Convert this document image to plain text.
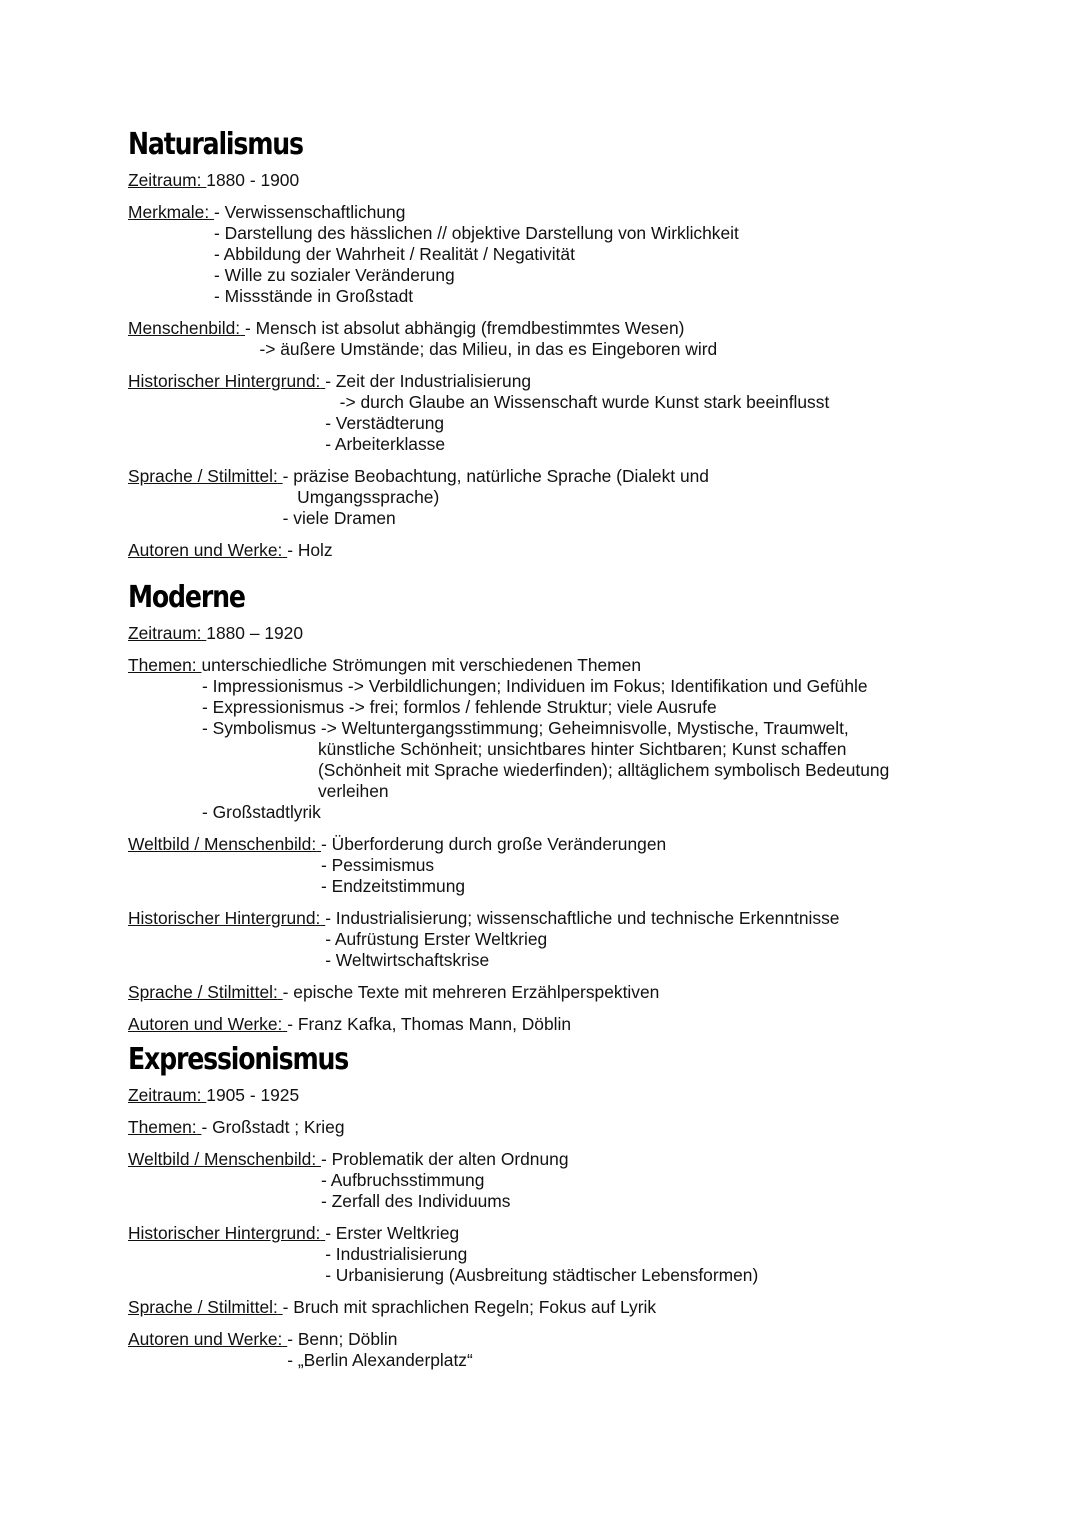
Naturalismus
Zeitraum: 1880 - 1900
Merkmale: - Verwissenschaftlichung
- Darstellung des hässlichen // objektive Darstellung von Wirklichkeit
- Abbildung der Wahrheit / Realität / Negativität
- Wille zu sozialer Veränderung
- Missstände in Großstadt
Menschenbild: - Mensch ist absolut abhängig (fremdbestimmtes Wesen)
-> äußere Umstände; das Milieu, in das es Eingeboren wird
Historischer Hintergrund: - Zeit der Industrialisierung
-> durch Glaube an Wissenschaft wurde Kunst stark beeinflusst
- Verstädterung
- Arbeiterklasse
Sprache / Stilmittel: - präzise Beobachtung, natürliche Sprache (Dialekt und
Umgangssprache)
- viele Dramen
Autoren und Werke: - Holz
Moderne
Zeitraum: 1880 – 1920
Themen: unterschiedliche Strömungen mit verschiedenen Themen
- Impressionismus -> Verbildlichungen; Individuen im Fokus; Identifikation und Gefühle
- Expressionismus -> frei; formlos / fehlende Struktur; viele Ausrufe
- Symbolismus -> Weltuntergangsstimmung; Geheimnisvolle, Mystische, Traumwelt,
künstliche Schönheit; unsichtbares hinter Sichtbaren; Kunst schaffen
(Schönheit mit Sprache wiederfinden); alltäglichem symbolisch Bedeutung
verleihen
- Großstadtlyrik
Weltbild / Menschenbild: - Überforderung durch große Veränderungen
- Pessimismus
- Endzeitstimmung
Historischer Hintergrund: - Industrialisierung; wissenschaftliche und technische Erkenntnisse
- Aufrüstung Erster Weltkrieg
- Weltwirtschaftskrise
Sprache / Stilmittel: - epische Texte mit mehreren Erzählperspektiven
Autoren und Werke: - Franz Kafka, Thomas Mann, Döblin
Expressionismus
Zeitraum: 1905 - 1925
Themen: - Großstadt ; Krieg
Weltbild / Menschenbild: - Problematik der alten Ordnung
- Aufbruchsstimmung
- Zerfall des Individuums
Historischer Hintergrund: - Erster Weltkrieg
- Industrialisierung
- Urbanisierung (Ausbreitung städtischer Lebensformen)
Sprache / Stilmittel: - Bruch mit sprachlichen Regeln; Fokus auf Lyrik
Autoren und Werke: - Benn; Döblin
- „Berlin Alexanderplatz“
